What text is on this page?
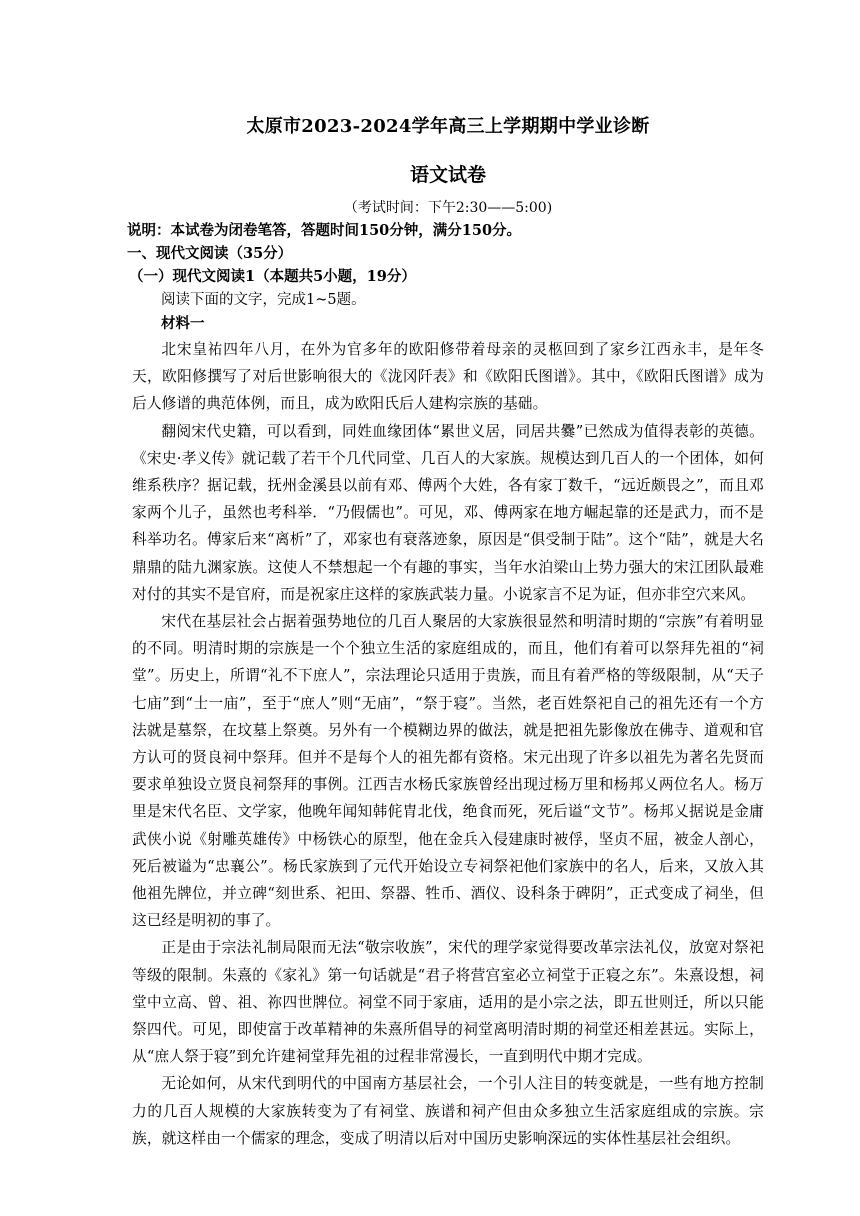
太原市2023-2024学年高三上学期期中学业诊断
语文试卷

（考试时间：下午2:30——5:00)

说明：本试卷为闭卷笔答，答题时间150分钟，满分150分。

一、现代文阅读（35分）

（一）现代文阅读1（本题共5小题，19分）

阅读下面的文字，完成1~5题。

材料一

北宋皇祐四年八月，在外为官多年的欧阳修带着母亲的灵柩回到了家乡江西永丰，是年冬天，欧阳修撰写了对后世影响很大的《泷冈阡表》和《欧阳氏图谱》。其中，《欧阳氏图谱》成为后人修谱的典范体例，而且，成为欧阳氏后人建构宗族的基础。

翻阅宋代史籍，可以看到，同姓血缘团体“累世义居，同居共爨”已然成为值得表彰的英德。《宋史·孝义传》就记载了若干个几代同堂、几百人的大家族。规模达到几百人的一个团体，如何维系秩序？据记载，抚州金溪县以前有邓、傅两个大姓，各有家丁数千，“远近颇畏之”，而且邓家两个儿子，虽然也考科举．“乃假儒也”。可见，邓、傅两家在地方崛起靠的还是武力，而不是科举功名。傅家后来“离析”了，邓家也有衰落迹象，原因是“俱受制于陆”。这个“陆”，就是大名鼎鼎的陆九渊家族。这使人不禁想起一个有趣的事实，当年水泊梁山上势力强大的宋江团队最难对付的其实不是官府，而是祝家庄这样的家族武装力量。小说家言不足为证，但亦非空穴来风。

宋代在基层社会占据着强势地位的几百人聚居的大家族很显然和明清时期的“宗族”有着明显的不同。明清时期的宗族是一个个独立生活的家庭组成的，而且，他们有着可以祭拜先祖的“祠堂”。历史上，所谓“礼不下庶人”，宗法理论只适用于贵族，而且有着严格的等级限制，从“天子七庙”到“士一庙”，至于“庶人”则“无庙”，“祭于寝”。当然，老百姓祭祀自己的祖先还有一个方法就是墓祭，在坟墓上祭奠。另外有一个模糊边界的做法，就是把祖先影像放在佛寺、道观和官方认可的贤良祠中祭拜。但并不是每个人的祖先都有资格。宋元出现了许多以祖先为著名先贤而要求单独设立贤良祠祭拜的事例。江西吉水杨氏家族曾经出现过杨万里和杨邦乂两位名人。杨万里是宋代名臣、文学家，他晚年闻知韩侂胄北伐，绝食而死，死后谥“文节”。杨邦乂据说是金庸武侠小说《射雕英雄传》中杨铁心的原型，他在金兵入侵建康时被俘，坚贞不屈，被金人剖心，死后被谥为“忠襄公”。杨氏家族到了元代开始设立专祠祭祀他们家族中的名人，后来，又放入其他祖先牌位，并立碑“刻世系、祀田、祭器、牲币、酒仪、设科条于碑阴”，正式变成了祠坐，但这已经是明初的事了。

正是由于宗法礼制局限而无法“敬宗收族”，宋代的理学家觉得要改革宗法礼仪，放宽对祭祀等级的限制。朱熹的《家礼》第一句话就是“君子将营宫室必立祠堂于正寝之东”。朱熹设想，祠堂中立高、曾、祖、祢四世牌位。祠堂不同于家庙，适用的是小宗之法，即五世则迁，所以只能祭四代。可见，即使富于改革精神的朱熹所倡导的祠堂离明清时期的祠堂还相差甚远。实际上，从“庶人祭于寝”到允许建祠堂拜先祖的过程非常漫长，一直到明代中期才完成。

无论如何，从宋代到明代的中国南方基层社会，一个引人注目的转变就是，一些有地方控制力的几百人规模的大家族转变为了有祠堂、族谱和祠产但由众多独立生活家庭组成的宗族。宗族，就这样由一个儒家的理念，变成了明清以后对中国历史影响深远的实体性基层社会组织。
